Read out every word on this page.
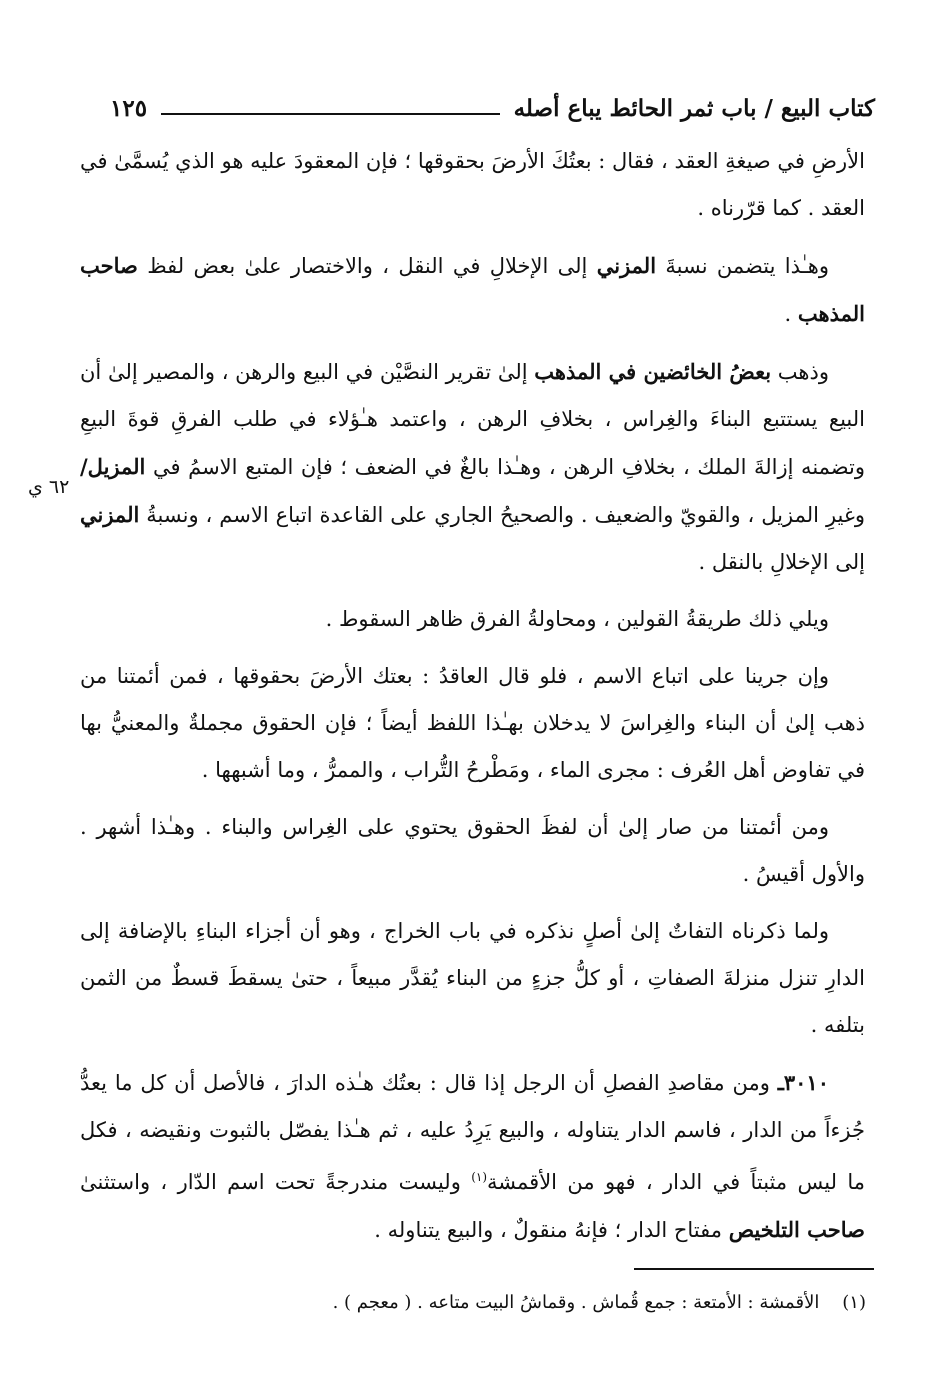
كتاب البيع / باب ثمر الحائط يباع أصله
١٢٥

الأرضِ في صيغةِ العقد ، فقال : بعتُكَ الأرضَ بحقوقها ؛ فإن المعقودَ عليه هو الذي يُسمَّىٰ في العقد . كما قرّرناه .

وهـٰذا يتضمن نسبةَ المزني إلى الإخلالِ في النقل ، والاختصار علىٰ بعض لفظ صاحب المذهب .

وذهب بعضُ الخائضين في المذهب إلىٰ تقرير النصَّيْن في البيع والرهن ، والمصير إلىٰ أن البيع يستتبع البناءَ والغِراس ، بخلافِ الرهن ، واعتمد هـٰؤلاء في طلب الفرقِ قوةَ البيعِ وتضمنه إزالةَ الملك ، بخلافِ الرهن ، وهـٰذا بالغٌ في الضعف ؛ فإن المتبع الاسمُ في المزيل/ وغيرِ المزيل ، والقويّ والضعيف . والصحيحُ الجاري على القاعدة اتباع الاسم ، ونسبةُ المزني إلى الإخلالِ بالنقل .

ويلي ذلك طريقةُ القولين ، ومحاولةُ الفرق ظاهر السقوط .

وإن جرينا على اتباع الاسم ، فلو قال العاقدُ : بعتك الأرضَ بحقوقها ، فمن أئمتنا من ذهب إلىٰ أن البناء والغِراسَ لا يدخلان بهـٰذا اللفظ أيضاً ؛ فإن الحقوق مجملةٌ والمعنيُّ بها في تفاوض أهل العُرف : مجرى الماء ، ومَطْرحُ التُّراب ، والممرُّ ، وما أشبهها .

ومن أئمتنا من صار إلىٰ أن لفظَ الحقوق يحتوي على الغِراس والبناء . وهـٰذا أشهر . والأول أقيسُ .

ولما ذكرناه التفاتٌ إلىٰ أصلٍ نذكره في باب الخراج ، وهو أن أجزاء البناءِ بالإضافة إلى الدارِ تنزل منزلةَ الصفاتِ ، أو كلُّ جزءٍ من البناء يُقدَّر مبيعاً ، حتىٰ يسقطَ قسطٌ من الثمن بتلفه .

٣٠١٠ـ ومن مقاصدِ الفصلِ أن الرجل إذا قال : بعتُك هـٰذه الدارَ ، فالأصل أن كل ما يعدُّ جُزءاً من الدار ، فاسم الدار يتناوله ، والبيع يَرِدُ عليه ، ثم هـٰذا يفصّل بالثبوت ونقيضه ، فكل ما ليس مثبتاً في الدار ، فهو من الأقمشة$^{(١)}$ وليست مندرجةً تحت اسم الدّار ، واستثنىٰ صاحب التلخيص مفتاح الدار ؛ فإنهُ منقولٌ ، والبيع يتناوله .

٦٢ ي
(١)    الأقمشة : الأمتعة : جمع قُماش . وقماشُ البيت متاعه . ( معجم ) .
